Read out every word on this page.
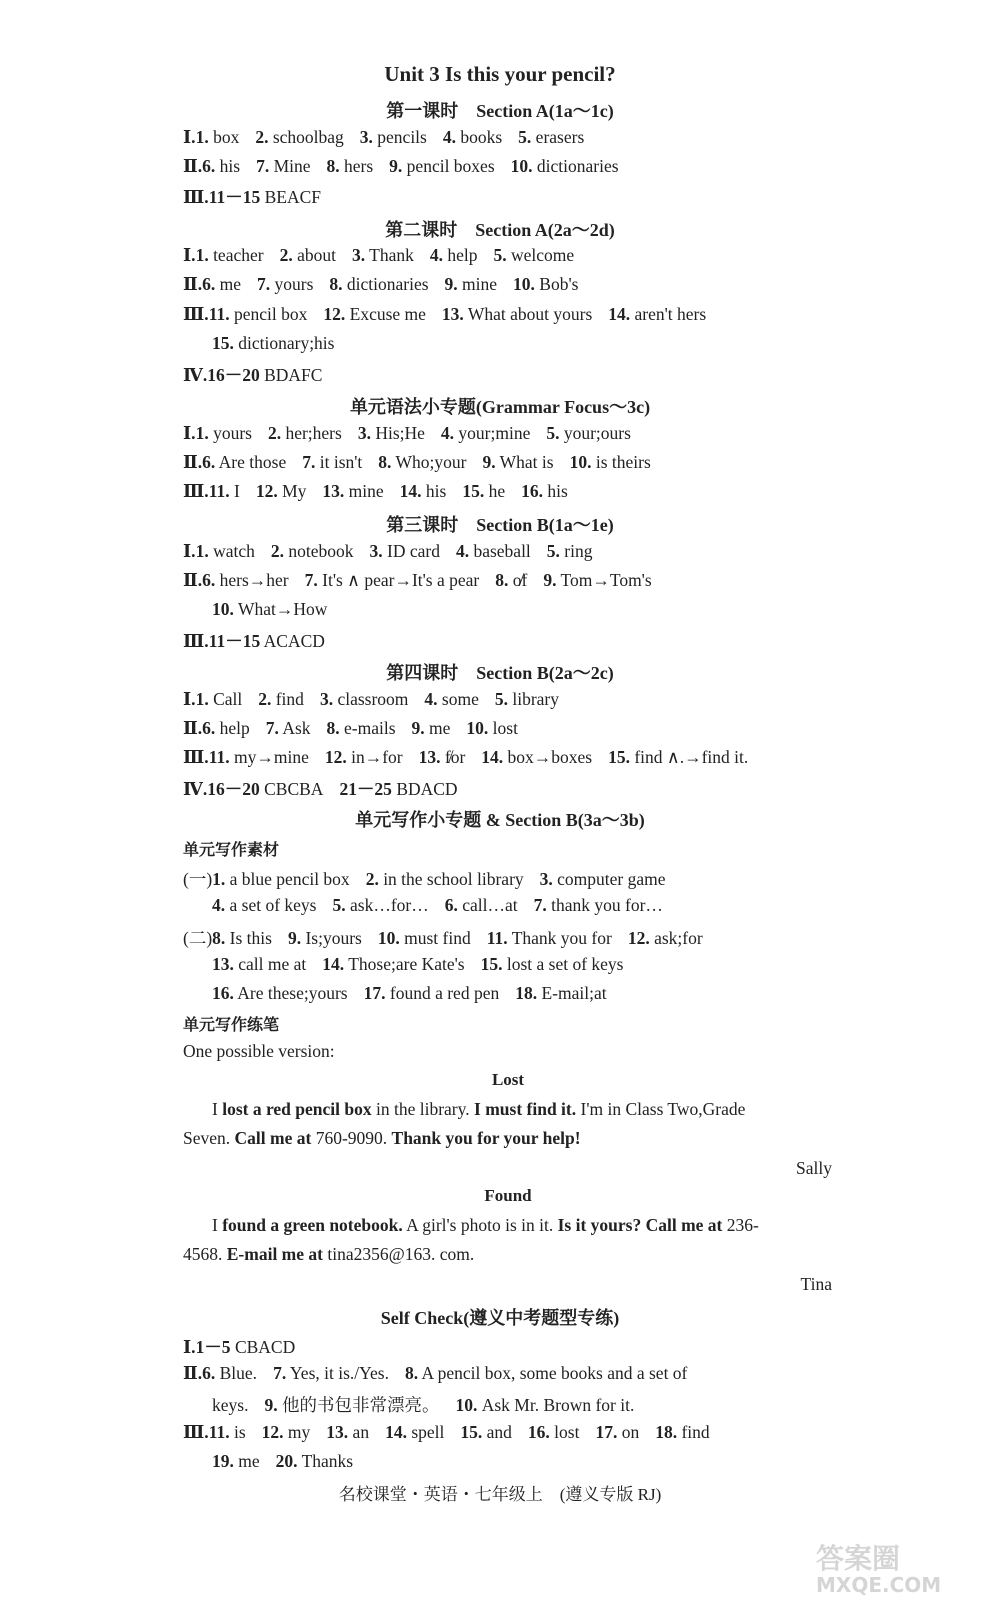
Unit 3 Is this your pencil?
第一课时　Section A(1a～1c)
Ⅰ.1. box 2. schoolbag 3. pencils 4. books 5. erasers
Ⅱ.6. his 7. Mine 8. hers 9. pencil boxes 10. dictionaries
Ⅲ.11－15 BEACF
第二课时　Section A(2a～2d)
Ⅰ.1. teacher 2. about 3. Thank 4. help 5. welcome
Ⅱ.6. me 7. yours 8. dictionaries 9. mine 10. Bob's
Ⅲ.11. pencil box 12. Excuse me 13. What about yours 14. aren't hers
15. dictionary;his
Ⅳ.16－20 BDAFC
单元语法小专题(Grammar Focus～3c)
Ⅰ.1. yours 2. her;hers 3. His;He 4. your;mine 5. your;ours
Ⅱ.6. Are those 7. it isn't 8. Who;your 9. What is 10. is theirs
Ⅲ.11. I 12. My 13. mine 14. his 15. he 16. his
第三课时　Section B(1a～1e)
Ⅰ.1. watch 2. notebook 3. ID card 4. baseball 5. ring
Ⅱ.6. hers→her 7. It's ∧ pear→It's a pear 8. o̸f 9. Tom→Tom's
10. What→How
Ⅲ.11－15 ACACD
第四课时　Section B(2a～2c)
Ⅰ.1. Call 2. find 3. classroom 4. some 5. library
Ⅱ.6. help 7. Ask 8. e-mails 9. me 10. lost
Ⅲ.11. my→mine 12. in→for 13. f̸or 14. box→boxes 15. find ∧.→find it.
Ⅳ.16－20 CBCBA 21－25 BDACD
单元写作小专题 & Section B(3a～3b)
单元写作素材
(一)1. a blue pencil box 2. in the school library 3. computer game
4. a set of keys 5. ask…for… 6. call…at 7. thank you for…
(二)8. Is this 9. Is;yours 10. must find 11. Thank you for 12. ask;for
13. call me at 14. Those;are Kate's 15. lost a set of keys
16. Are these;yours 17. found a red pen 18. E-mail;at
单元写作练笔
One possible version:
Self Check(遵义中考题型专练)
Ⅰ.1－5 CBACD
Ⅱ.6. Blue. 7. Yes, it is./Yes. 8. A pencil box, some books and a set of
keys. 9. 他的书包非常漂亮。 10. Ask Mr. Brown for it.
Ⅲ.11. is 12. my 13. an 14. spell 15. and 16. lost 17. on 18. find
19. me 20. Thanks
Lost
I lost a red pencil box in the library. I must find it. I'm in Class Two,Grade
Seven. Call me at 760-9090. Thank you for your help!
Sally
Found
I found a green notebook. A girl's photo is in it. Is it yours? Call me at 236-
4568. E-mail me at tina2356@163. com.
Tina
名校课堂・英语・七年级上　(遵义专版 RJ)
答案圈
MXQE.COM
